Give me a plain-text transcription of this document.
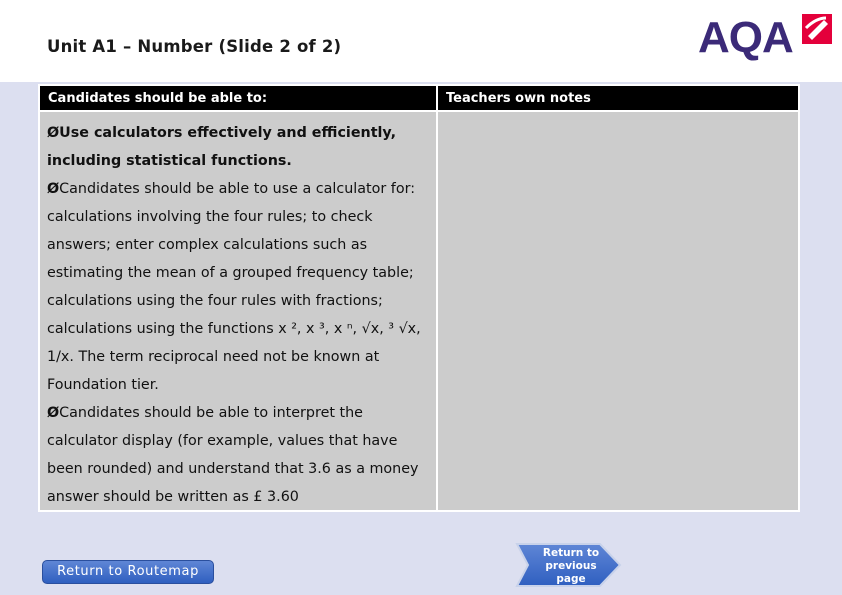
Unit A1 – Number (Slide 2 of 2)	AQA
Candidates should be able to:	Teachers own notes

ØUse calculators effectively and efficiently, including statistical functions.

ØCandidates should be able to use a calculator for: calculations involving the four rules; to check answers; enter complex calculations such as estimating the mean of a grouped frequency table; calculations using the four rules with fractions; calculations using the functions x ², x ³, x ⁿ, √x, ³ √x, 1/x. The term reciprocal need not be known at Foundation tier.

ØCandidates should be able to interpret the calculator display (for example, values that have been rounded) and understand that 3.6 as a money answer should be written as £ 3.60	

Return to Routemap
Return to
previous
page
